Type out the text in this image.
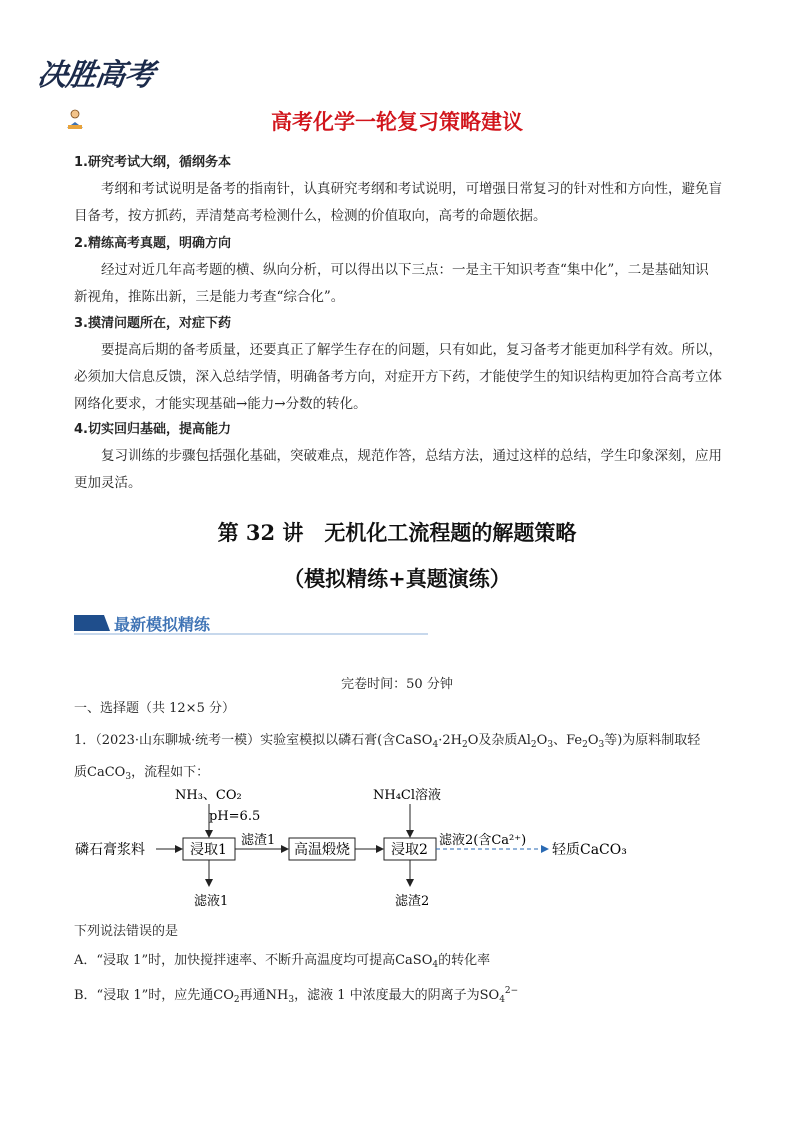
决胜高考
高考化学一轮复习策略建议
1.研究考试大纲，循纲务本
考纲和考试说明是备考的指南针，认真研究考纲和考试说明，可增强日常复习的针对性和方向性，避免盲目备考，按方抓药，弄清楚高考检测什么，检测的价值取向，高考的命题依据。
2.精练高考真题，明确方向
经过对近几年高考题的横、纵向分析，可以得出以下三点：一是主干知识考查“集中化”，二是基础知识新视角，推陈出新，三是能力考查“综合化”。
3.摸清问题所在，对症下药
要提高后期的备考质量，还要真正了解学生存在的问题，只有如此，复习备考才能更加科学有效。所以，必须加大信息反馈，深入总结学情，明确备考方向，对症开方下药，才能使学生的知识结构更加符合高考立体网络化要求，才能实现基础→能力→分数的转化。
4.切实回归基础，提高能力
复习训练的步骤包括强化基础，突破难点，规范作答，总结方法，通过这样的总结，学生印象深刻，应用更加灵活。
第 32 讲　无机化工流程题的解题策略
（模拟精练+真题演练）
最新模拟精练
完卷时间：50 分钟
一、选择题（共 12×5 分）
1．（2023·山东聊城·统考一模）实验室模拟以磷石膏(含$CaSO_4\cdot 2H_2O$及杂质$Al_2O_3$、$Fe_2O_3$等)为原料制取轻
质CaCO$_3$，流程如下：
磷石膏浆料	浸取1
NH₃、CO₂
pH=6.5
滤渣1
高温煅烧	浸取2
NH₄Cl溶液
滤液2(含Ca²⁺)
轻质CaCO₃
滤液1	滤渣2
下列说法错误的是
A．“浸取 1”时，加快搅拌速率、不断升高温度均可提高CaSO$_4$的转化率
B．“浸取 1”时，应先通$CO_2$再通$NH_3$，滤液 1 中浓度最大的阴离子为$SO_4^{2-}$
